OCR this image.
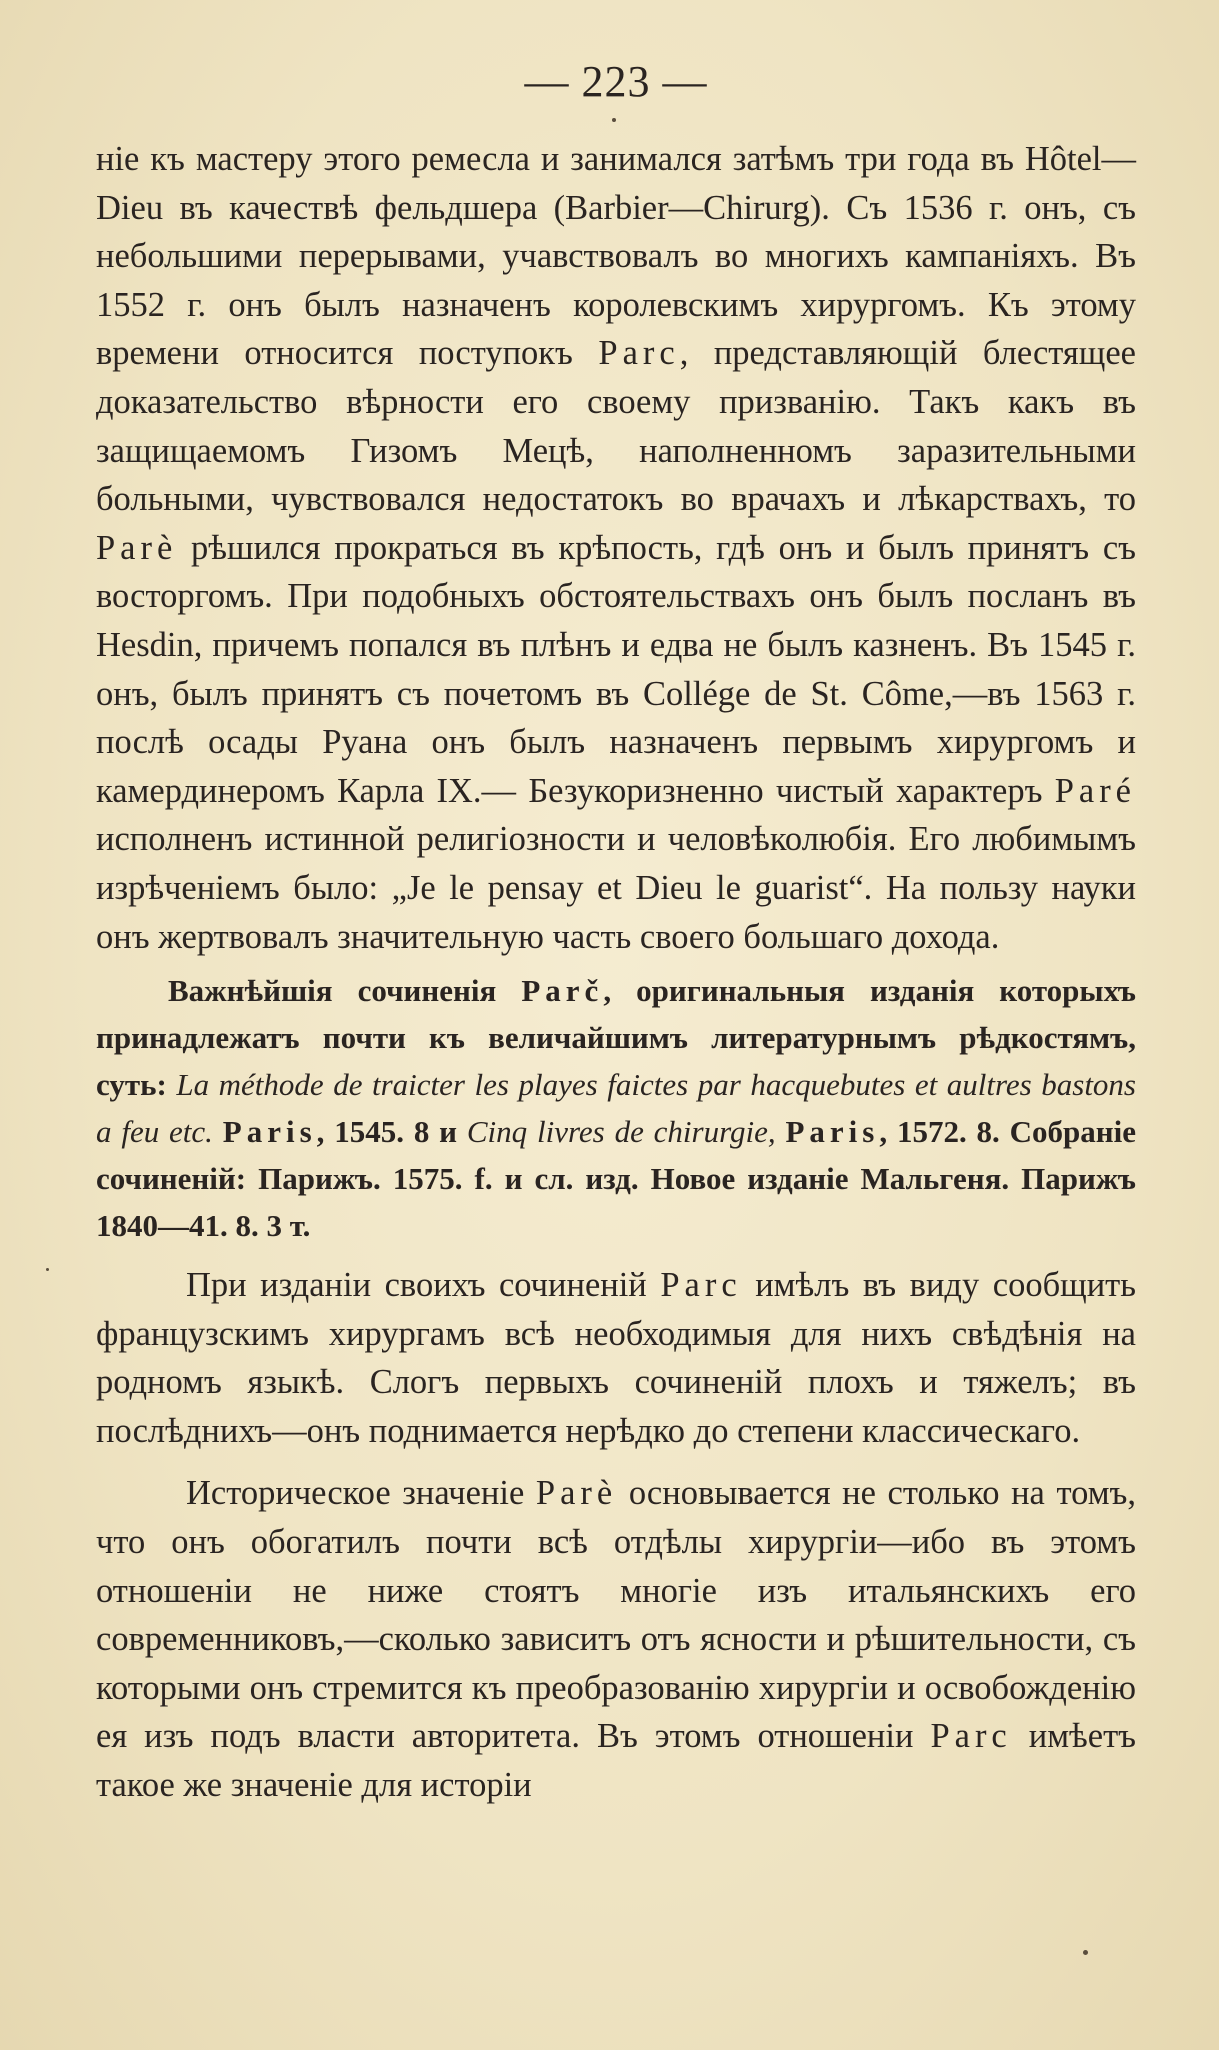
— 223 —

ніе къ мастеру этого ремесла и занимался затѣмъ три года въ Hôtel—Dieu въ качествѣ фельдшера (Barbier—Chirurg). Съ 1536 г. онъ, съ небольшими перерывами, учавствовалъ во многихъ кампаніяхъ. Въ 1552 г. онъ былъ назначенъ королевскимъ хирургомъ. Къ этому времени относится поступокъ Parc, представляющій блестящее доказательство вѣрности его своему призванію. Такъ какъ въ защищаемомъ Гизомъ Мецѣ, наполненномъ заразительными больными, чувствовался недостатокъ во врачахъ и лѣкарствахъ, то Parè рѣшился прократься въ крѣпость, гдѣ онъ и былъ принятъ съ восторгомъ. При подобныхъ обстоятельствахъ онъ былъ посланъ въ Hesdin, причемъ попался въ плѣнъ и едва не былъ казненъ. Въ 1545 г. онъ, былъ принятъ съ почетомъ въ Collége de St. Côme,—въ 1563 г. послѣ осады Руана онъ былъ назначенъ первымъ хирургомъ и камердинеромъ Карла IX.— Безукоризненно чистый характеръ Paré исполненъ истинной религіозности и человѣколюбія. Его любимымъ изрѣченіемъ было: „Je le pensay et Dieu le guarist“. На пользу науки онъ жертвовалъ значительную часть своего большаго дохода.

Важнѣйшія сочиненія Parč, оригинальныя изданія которыхъ принадлежатъ почти къ величайшимъ литературнымъ рѣдкостямъ, суть: La méthode de traicter les playes faictes par hacquebutes et aultres bastons a feu etc. Paris, 1545. 8 и Cinq livres de chirurgie, Paris, 1572. 8. Собраніе сочиненій: Парижъ. 1575. f. и сл. изд. Новое изданіе Мальгеня. Парижъ 1840—41. 8. 3 т.

При изданіи своихъ сочиненій Parc имѣлъ въ виду сообщить французскимъ хирургамъ всѣ необходимыя для нихъ свѣдѣнія на родномъ языкѣ. Слогъ первыхъ сочиненій плохъ и тяжелъ; въ послѣднихъ—онъ поднимается нерѣдко до степени классическаго.

Историческое значеніе Parè основывается не столько на томъ, что онъ обогатилъ почти всѣ отдѣлы хирургіи—ибо въ этомъ отношеніи не ниже стоятъ многіе изъ итальянскихъ его современниковъ,—сколько зависитъ отъ ясности и рѣшительности, съ которыми онъ стремится къ преобразованію хирургіи и освобожденію ея изъ подъ власти авторитета. Въ этомъ отношеніи Parc имѣетъ такое же значеніе для исторіи
